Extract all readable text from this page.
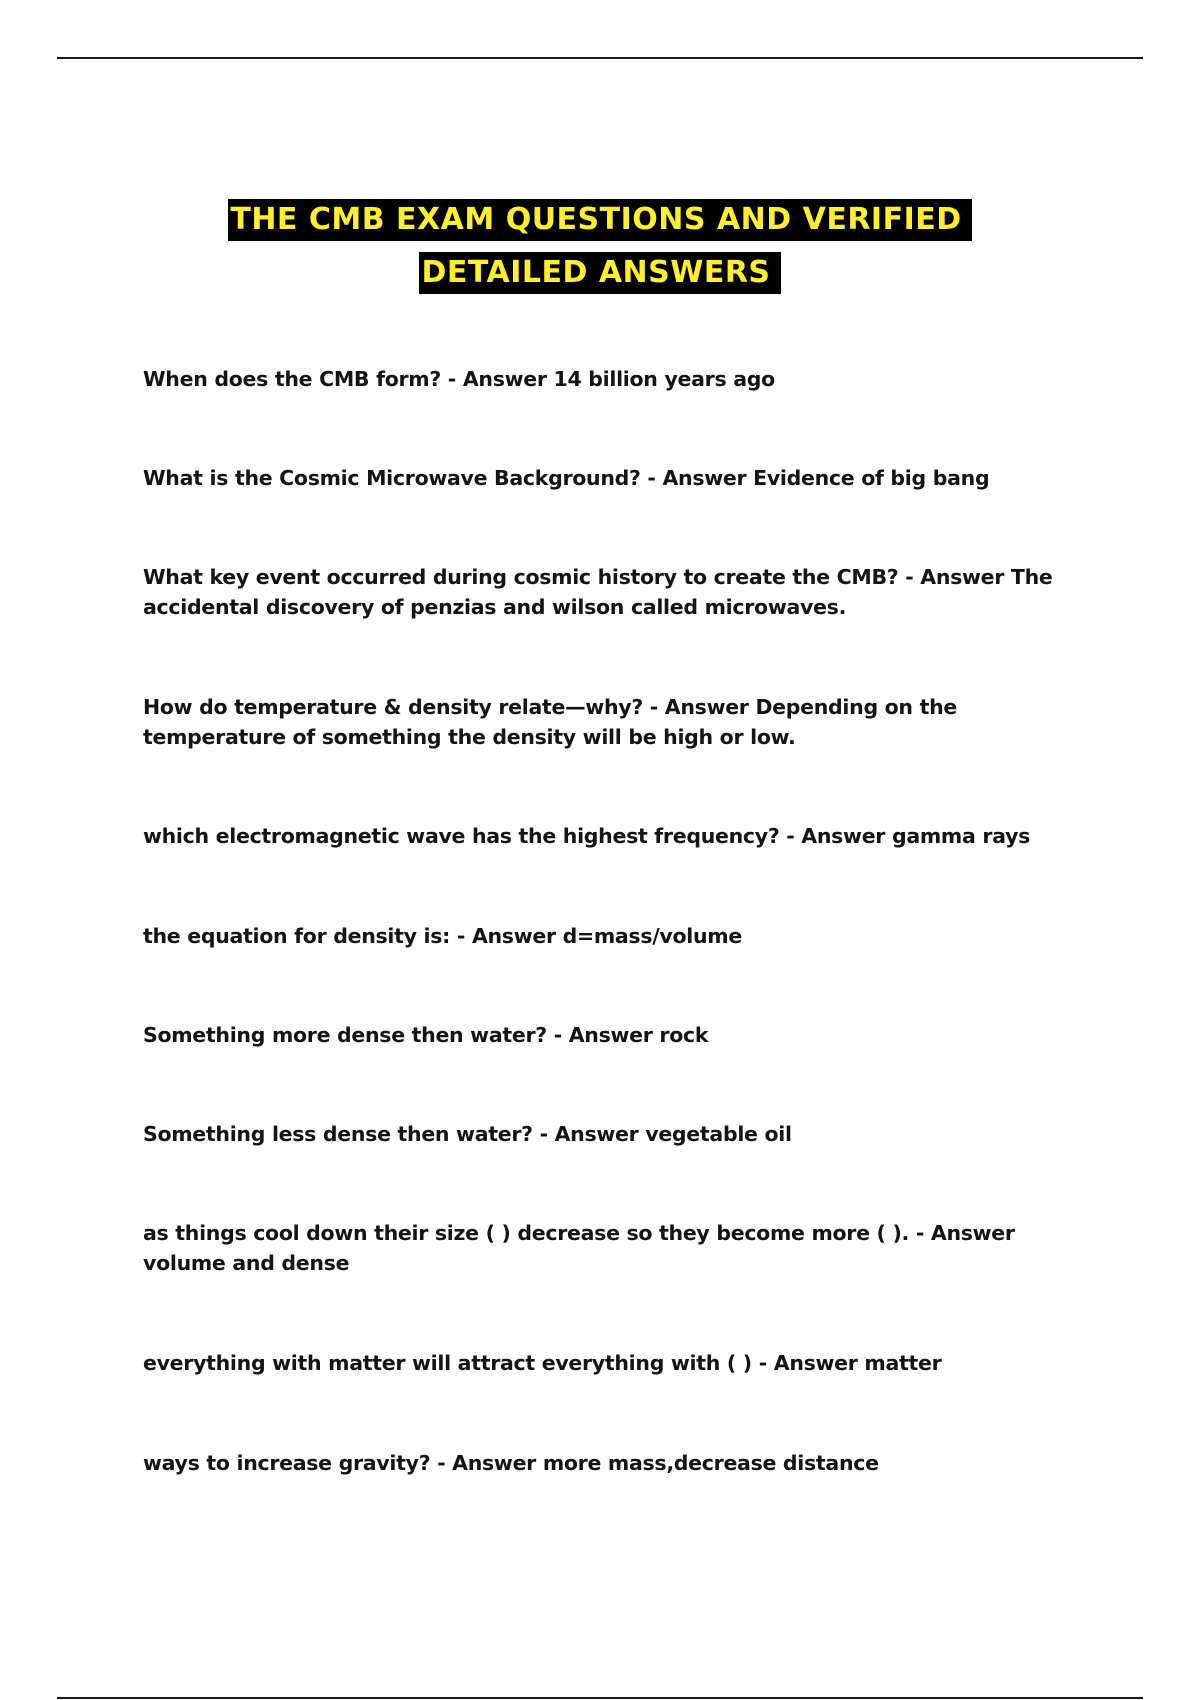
THE CMB EXAM QUESTIONS AND VERIFIED
DETAILED ANSWERS

When does the CMB form? - Answer 14 billion years ago

What is the Cosmic Microwave Background? - Answer Evidence of big bang

What key event occurred during cosmic history to create the CMB? - Answer The accidental discovery of penzias and wilson called microwaves.

How do temperature & density relate—why? - Answer Depending on the temperature of something the density will be high or low.

which electromagnetic wave has the highest frequency? - Answer gamma rays

the equation for density is: - Answer d=mass/volume

Something more dense then water? - Answer rock

Something less dense then water? - Answer vegetable oil

as things cool down their size ( ) decrease so they become more ( ). - Answer volume and dense

everything with matter will attract everything with ( ) - Answer matter

ways to increase gravity? - Answer more mass,decrease distance
